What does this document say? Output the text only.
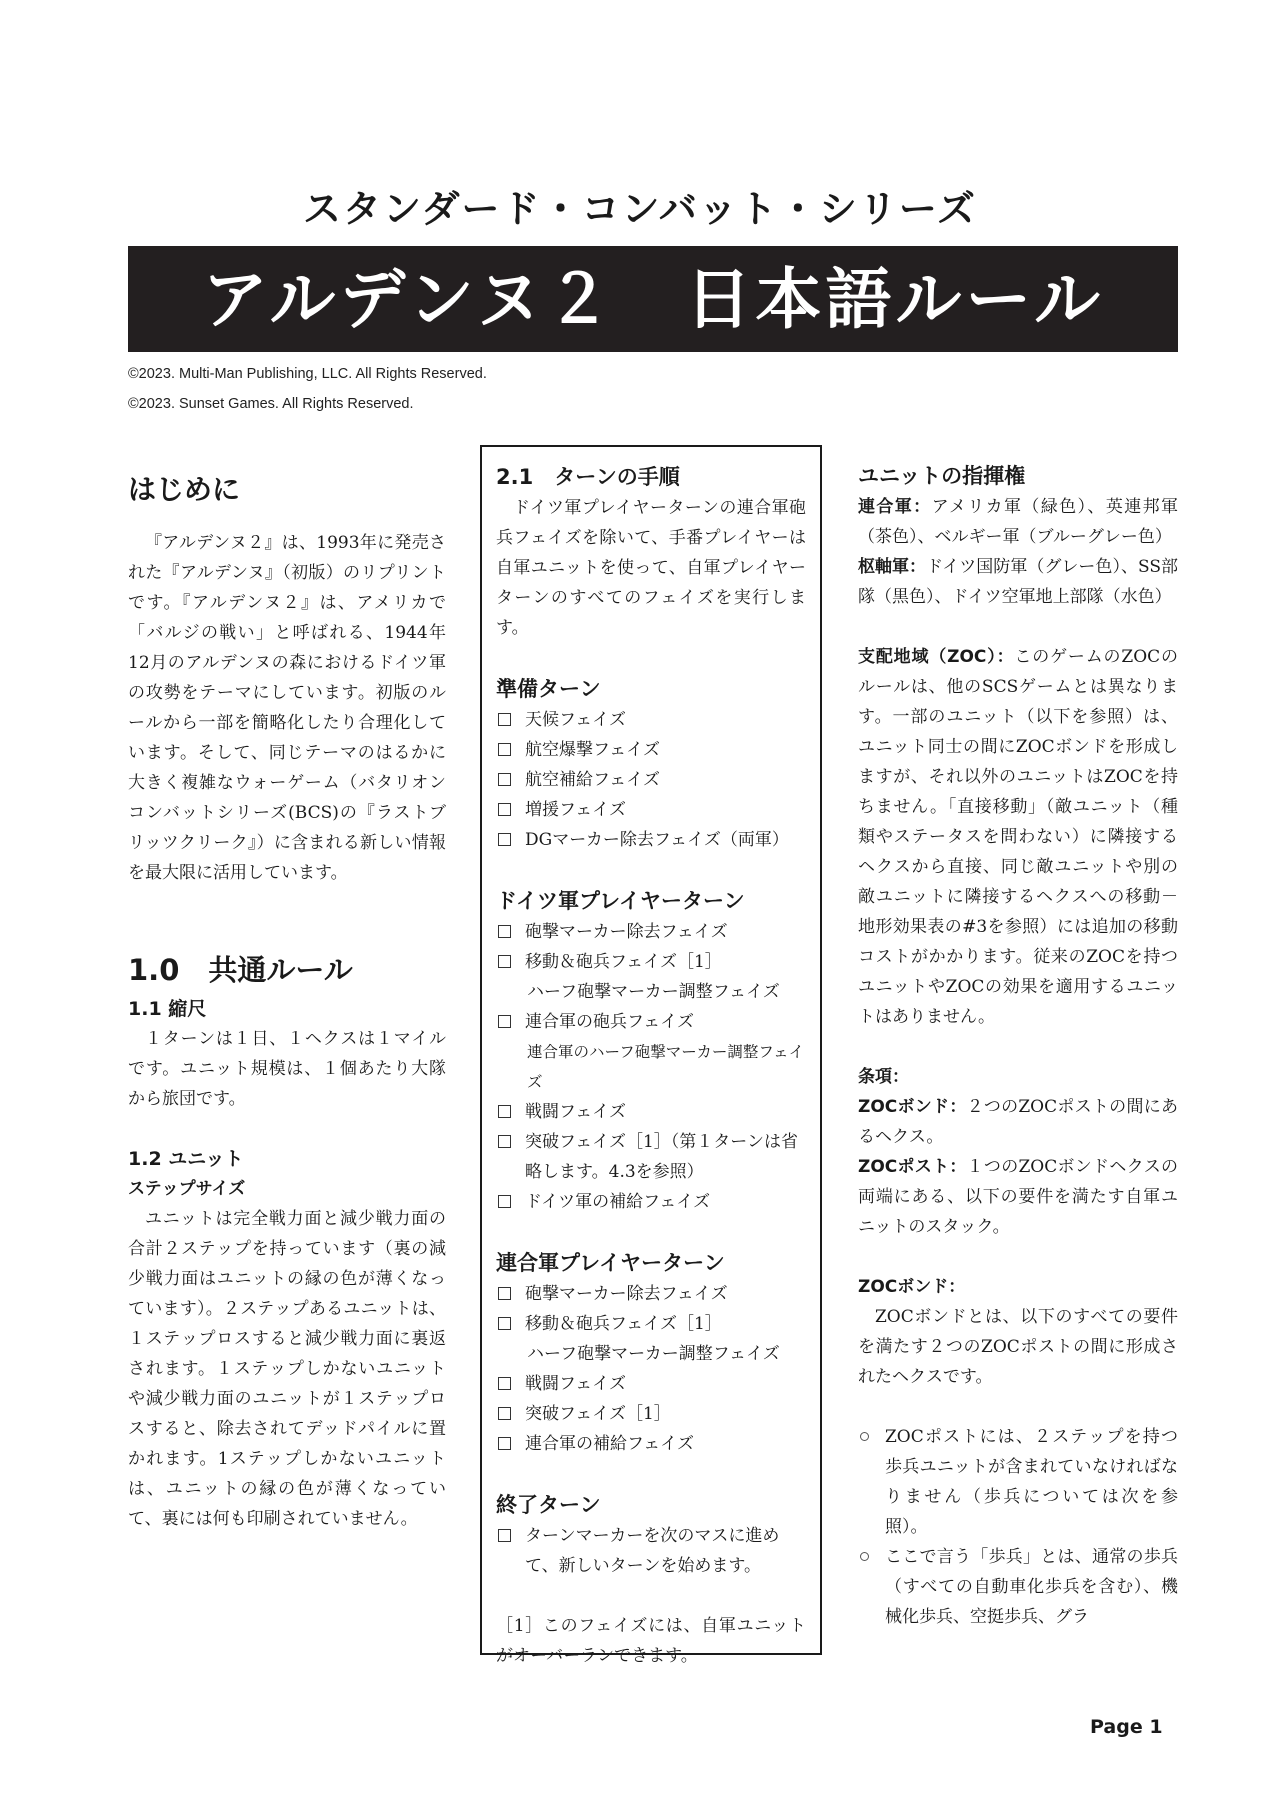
スタンダード・コンバット・シリーズ
アルデンヌ２　日本語ルール
©2023. Multi-Man Publishing, LLC. All Rights Reserved.
©2023. Sunset Games. All Rights Reserved.
はじめに

『アルデンヌ２』は、1993年に発売された『アルデンヌ』（初版）のリプリントです。『アルデンヌ２』は、アメリカで「バルジの戦い」と呼ばれる、1944年12月のアルデンヌの森におけるドイツ軍の攻勢をテーマにしています。初版のルールから一部を簡略化したり合理化しています。そして、同じテーマのはるかに大きく複雑なウォーゲーム（バタリオンコンバットシリーズ(BCS)の『ラストブリッツクリーク』）に含まれる新しい情報を最大限に活用しています。

1.0　共通ルール
1.1 縮尺

１ターンは１日、１ヘクスは１マイルです。ユニット規模は、１個あたり大隊から旅団です。

1.2 ユニット
ステップサイズ

ユニットは完全戦力面と減少戦力面の合計２ステップを持っています（裏の減少戦力面はユニットの縁の色が薄くなっています）。２ステップあるユニットは、１ステップロスすると減少戦力面に裏返されます。１ステップしかないユニットや減少戦力面のユニットが１ステップロスすると、除去されてデッドパイルに置かれます。1ステップしかないユニットは、ユニットの縁の色が薄くなっていて、裏には何も印刷されていません。

2.1　ターンの手順

ドイツ軍プレイヤーターンの連合軍砲兵フェイズを除いて、手番プレイヤーは自軍ユニットを使って、自軍プレイヤーターンのすべてのフェイズを実行します。

準備ターン
天候フェイズ
航空爆撃フェイズ
航空補給フェイズ
増援フェイズ
DGマーカー除去フェイズ（両軍）
ドイツ軍プレイヤーターン
砲撃マーカー除去フェイズ
移動＆砲兵フェイズ［1］
ハーフ砲撃マーカー調整フェイズ
連合軍の砲兵フェイズ
連合軍のハーフ砲撃マーカー調整フェイズ
戦闘フェイズ
突破フェイズ［1］（第１ターンは省略します。4.3を参照）
ドイツ軍の補給フェイズ
連合軍プレイヤーターン
砲撃マーカー除去フェイズ
移動＆砲兵フェイズ［1］
ハーフ砲撃マーカー調整フェイズ
戦闘フェイズ
突破フェイズ［1］
連合軍の補給フェイズ
終了ターン
ターンマーカーを次のマスに進めて、新しいターンを始めます。

［1］このフェイズには、自軍ユニットがオーバーランできます。

ユニットの指揮権

連合軍：アメリカ軍（緑色）、英連邦軍（茶色）、ベルギー軍（ブルーグレー色）

枢軸軍：ドイツ国防軍（グレー色）、SS部隊（黒色）、ドイツ空軍地上部隊（水色）

支配地域（ZOC）：このゲームのZOCのルールは、他のSCSゲームとは異なります。一部のユニット（以下を参照）は、ユニット同士の間にZOCボンドを形成しますが、それ以外のユニットはZOCを持ちません。「直接移動」（敵ユニット（種類やステータスを問わない）に隣接するヘクスから直接、同じ敵ユニットや別の敵ユニットに隣接するヘクスへの移動－地形効果表の#3を参照）には追加の移動コストがかかります。従来のZOCを持つユニットやZOCの効果を適用するユニットはありません。

条項：

ZOCボンド：２つのZOCポストの間にあるヘクス。

ZOCポスト：１つのZOCボンドヘクスの両端にある、以下の要件を満たす自軍ユニットのスタック。

ZOCボンド：

ZOCボンドとは、以下のすべての要件を満たす２つのZOCポストの間に形成されたヘクスです。

ZOCポストには、２ステップを持つ歩兵ユニットが含まれていなければなりません（歩兵については次を参照）。
ここで言う「歩兵」とは、通常の歩兵（すべての自動車化歩兵を含む）、機械化歩兵、空挺歩兵、グラ
Page 1
